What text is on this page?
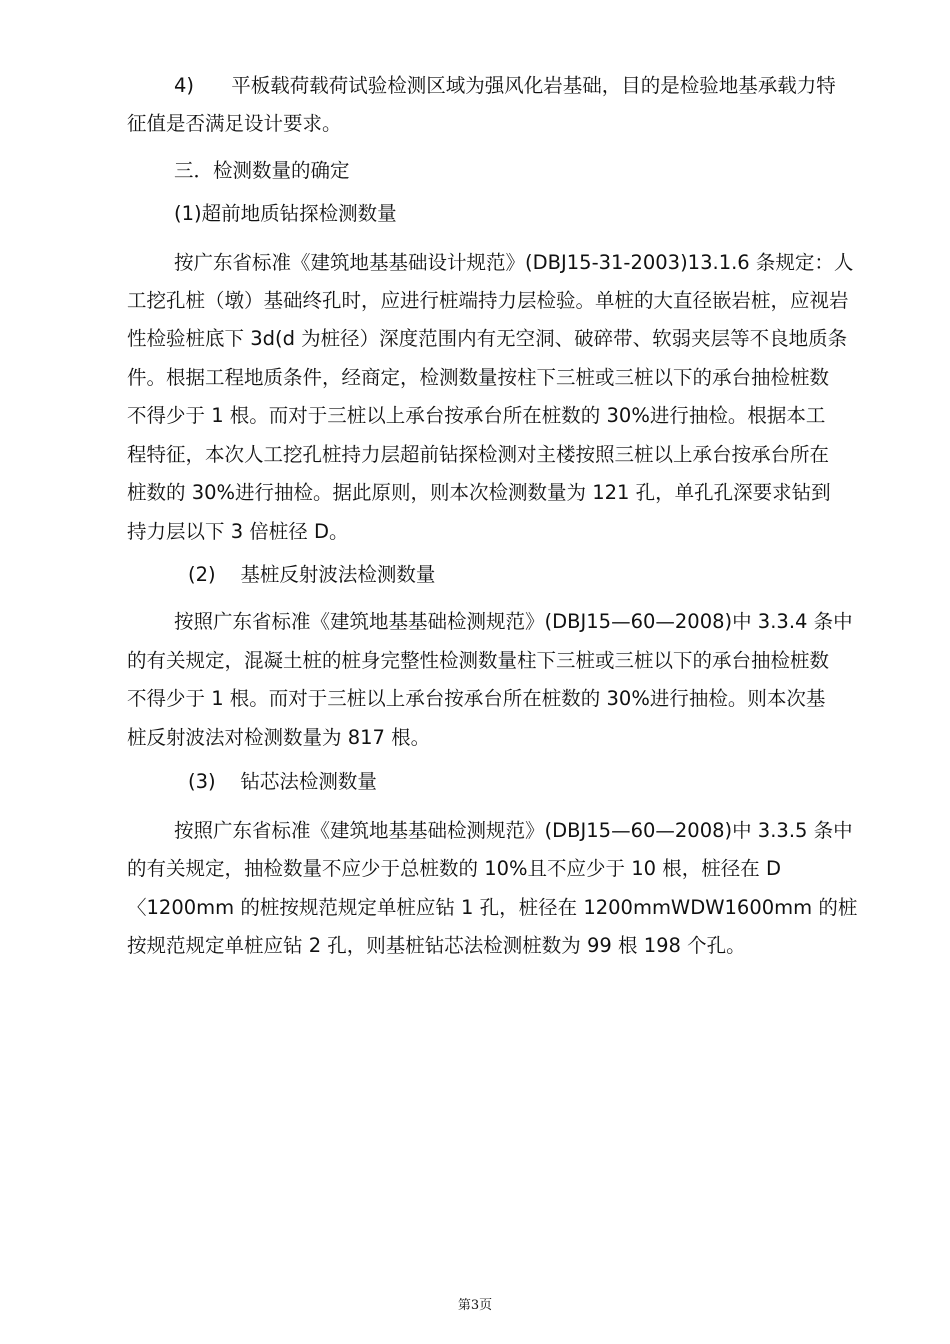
4)      平板载荷载荷试验检测区域为强风化岩基础，目的是检验地基承载力特
征值是否满足设计要求。
三．检测数量的确定
(1)超前地质钻探检测数量
按广东省标准《建筑地基基础设计规范》(DBJ15-31-2003)13.1.6 条规定：人
工挖孔桩（墩）基础终孔时，应进行桩端持力层检验。单桩的大直径嵌岩桩，应视岩
性检验桩底下 3d(d 为桩径）深度范围内有无空洞、破碎带、软弱夹层等不良地质条
件。根据工程地质条件，经商定，检测数量按柱下三桩或三桩以下的承台抽检桩数
不得少于 1 根。而对于三桩以上承台按承台所在桩数的 30%进行抽检。根据本工
程特征，本次人工挖孔桩持力层超前钻探检测对主楼按照三桩以上承台按承台所在
桩数的 30%进行抽检。据此原则，则本次检测数量为 121 孔，单孔孔深要求钻到
持力层以下 3 倍桩径 D。
(2)    基桩反射波法检测数量
按照广东省标准《建筑地基基础检测规范》(DBJ15—60—2008)中 3.3.4 条中
的有关规定，混凝土桩的桩身完整性检测数量柱下三桩或三桩以下的承台抽检桩数
不得少于 1 根。而对于三桩以上承台按承台所在桩数的 30%进行抽检。则本次基
桩反射波法对检测数量为 817 根。
(3)    钻芯法检测数量
按照广东省标准《建筑地基基础检测规范》(DBJ15—60—2008)中 3.3.5 条中
的有关规定，抽检数量不应少于总桩数的 10%且不应少于 10 根，桩径在 D
〈1200mm 的桩按规范规定单桩应钻 1 孔，桩径在 1200mmWDW1600mm 的桩
按规范规定单桩应钻 2 孔，则基桩钻芯法检测桩数为 99 根 198 个孔。
第3页
